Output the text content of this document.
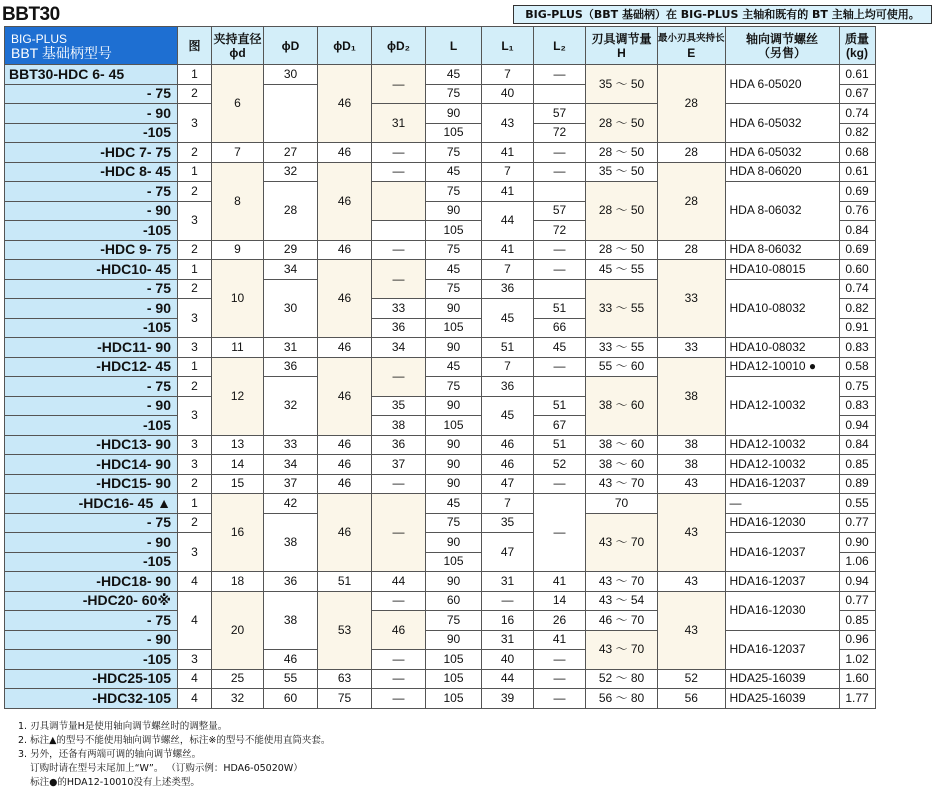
BBT30	BIG-PLUS（BBT 基础柄）在 BIG-PLUS 主轴和既有的 BT 主轴上均可使用。
BIG-PLUS
BBT 基础柄型号	图	夹持直径
ϕd	ϕD	ϕD₁	ϕD₂	L	L₁	L₂	刃具调节量
H	最小刃具夹持长
E	轴向调节螺丝
（另售）	质量
(kg)

BBT30-HDC 6- 45	1	6	30	46	—	45	7	—	35 〜 50	28	HDA 6-05020	0.61
- 75	2					75	40					0.67
- 90	3				31	90	43	57	28 〜 50		HDA 6-05032	0.74
-105						105		72				0.82
-HDC 7- 75	2	7	27	46	—	75	41	—	28 〜 50	28	HDA 6-05032	0.68
-HDC 8- 45	1	8	32	46	—	45	7	—	35 〜 50	28	HDA 8-06020	0.61
- 75	2		28			75	41		28 〜 50		HDA 8-06032	0.69
- 90	3					90	44	57				0.76
-105						105		72				0.84
-HDC 9- 75	2	9	29	46	—	75	41	—	28 〜 50	28	HDA 8-06032	0.69
-HDC10- 45	1	10	34	46	—	45	7	—	45 〜 55	33	HDA10-08015	0.60
- 75	2		30			75	36		33 〜 55		HDA10-08032	0.74
- 90	3				33	90	45	51				0.82
-105					36	105		66				0.91
-HDC11- 90	3	11	31	46	34	90	51	45	33 〜 55	33	HDA10-08032	0.83
-HDC12- 45	1	12	36	46	—	45	7	—	55 〜 60	38	HDA12-10010 ●	0.58
- 75	2		32			75	36		38 〜 60		HDA12-10032	0.75
- 90	3				35	90	45	51				0.83
-105					38	105		67				0.94
-HDC13- 90	3	13	33	46	36	90	46	51	38 〜 60	38	HDA12-10032	0.84
-HDC14- 90	3	14	34	46	37	90	46	52	38 〜 60	38	HDA12-10032	0.85
-HDC15- 90	2	15	37	46	—	90	47	—	43 〜 70	43	HDA16-12037	0.89
-HDC16- 45 ▲	1	16	42	46	—	45	7	—	70	43	—	0.55
- 75	2		38			75	35		43 〜 70		HDA16-12030	0.77
- 90	3					90	47				HDA16-12037	0.90
-105						105						1.06
-HDC18- 90	4	18	36	51	44	90	31	41	43 〜 70	43	HDA16-12037	0.94
-HDC20- 60※	4	20	38	53	—	60	—	14	43 〜 54	43	HDA16-12030	0.77
- 75					46	75	16	26	46 〜 70			0.85
- 90						90	31	41	43 〜 70		HDA16-12037	0.96
-105	3		46		—	105	40	—				1.02
-HDC25-105	4	25	55	63	—	105	44	—	52 〜 80	52	HDA25-16039	1.60
-HDC32-105	4	32	60	75	—	105	39	—	56 〜 80	56	HDA25-16039	1.77
1. 刃具调节量H是使用轴向调节螺丝时的调整量。
2. 标注▲的型号不能使用轴向调节螺丝，标注※的型号不能使用直筒夹套。
3. 另外，还备有两端可调的轴向调节螺丝。
订购时请在型号末尾加上“W”。 （订购示例：HDA6-05020W）
标注●的HDA12-10010没有上述类型。
